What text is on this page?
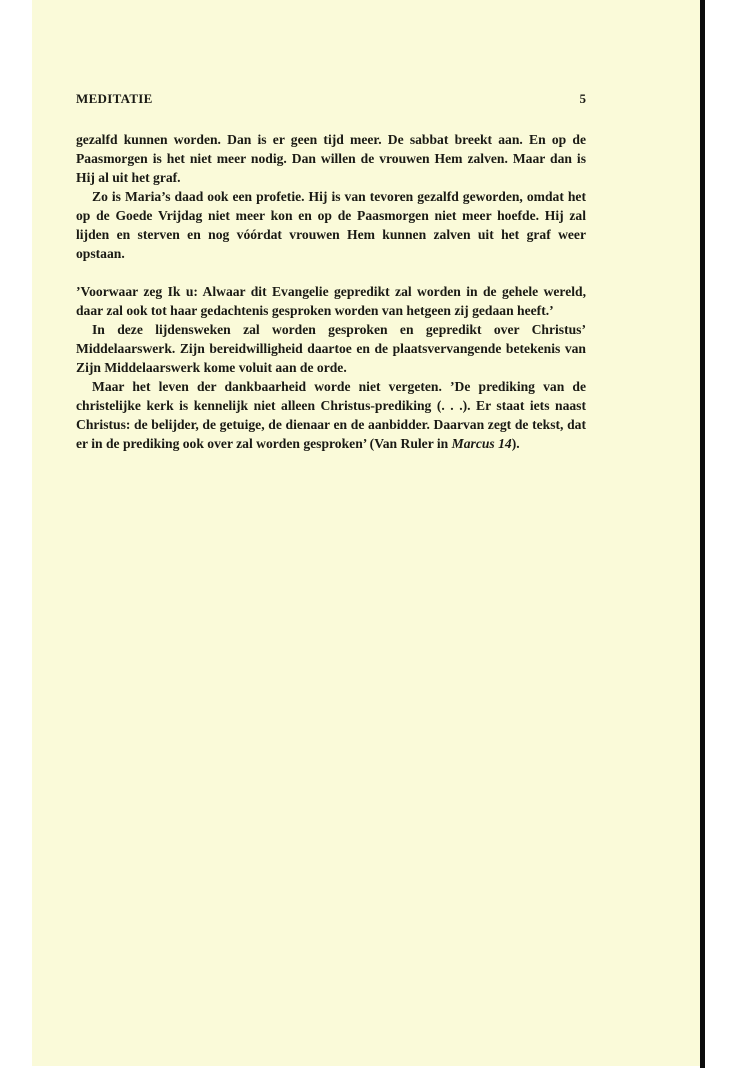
MEDITATIE	5

gezalfd kunnen worden. Dan is er geen tijd meer. De sabbat breekt aan. En op de Paasmorgen is het niet meer nodig. Dan willen de vrouwen Hem zalven. Maar dan is Hij al uit het graf.

Zo is Maria’s daad ook een profetie. Hij is van tevoren gezalfd geworden, omdat het op de Goede Vrijdag niet meer kon en op de Paasmorgen niet meer hoefde. Hij zal lijden en sterven en nog vóórdat vrouwen Hem kunnen zalven uit het graf weer opstaan.

’Voorwaar zeg Ik u: Alwaar dit Evangelie gepredikt zal worden in de gehele wereld, daar zal ook tot haar gedachtenis gesproken worden van hetgeen zij gedaan heeft.’

In deze lijdensweken zal worden gesproken en gepredikt over Christus’ Middelaarswerk. Zijn bereidwilligheid daartoe en de plaatsvervangende betekenis van Zijn Middelaarswerk kome voluit aan de orde.

Maar het leven der dankbaarheid worde niet vergeten. ’De prediking van de christelijke kerk is kennelijk niet alleen Christus-prediking (. . .). Er staat iets naast Christus: de belijder, de getuige, de dienaar en de aanbidder. Daarvan zegt de tekst, dat er in de prediking ook over zal worden gesproken’ (Van Ruler in Marcus 14).
